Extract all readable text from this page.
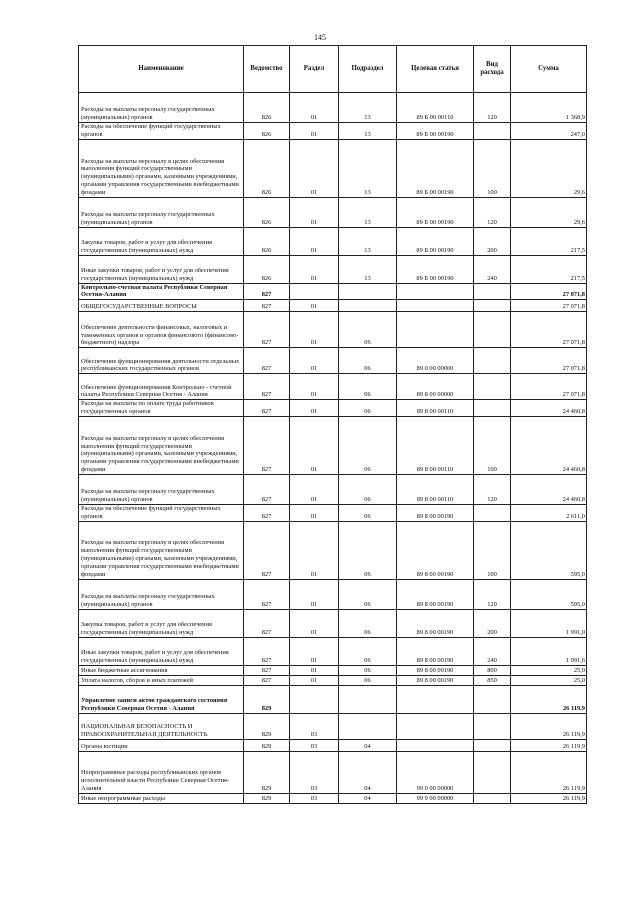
145
Наименование	Ведомство	Раздел	Подраздел	Целевая статья	Вид расхода	Сумма
Расходы на выплаты персоналу государственных (муниципальных) органов	826	01	13	89 Б 00 00110	120	1 368,9
Расходы на обеспечение функций государственных органов	826	01	13	89 Б 00 00190		247,0
Расходы на выплаты персоналу в целях обеспечения выполнения функций государственными (муниципальными) органами, казенными учреждениями, органами управления государственными внебюджетными фондами	826	01	13	89 Б 00 00190	100	29,6
Расходы на выплаты персоналу государственных (муниципальных) органов	826	01	13	89 Б 00 00190	120	29,6
Закупка товаров, работ и услуг для обеспечения государственных (муниципальных) нужд	826	01	13	89 Б 00 00190	200	217,5
Иные закупки товаров, работ и услуг для обеспечения государственных (муниципальных) нужд	826	01	13	89 Б 00 00190	240	217,5
Контрольно-счетная палата Республики Северная Осетия-Алания	827					27 071,8
ОБЩЕГОСУДАРСТВЕННЫЕ ВОПРОСЫ	827	01				27 071,8
Обеспечение деятельности финансовых, налоговых и таможенных органов и органов финансового (финансово-бюджетного) надзора	827	01	06			27 071,8
Обеспечение функционирования деятельности отдельных республиканских государственных органов	827	01	06	89 0 00 00000		27 071,8
Обеспечение функционирования Контрольно - счетной палаты Республики Северная Осетия - Алания	827	01	06	89 8 00 00000		27 071,8
Расходы на выплаты по оплате труда работников государственных органов	827	01	06	89 8 00 00110		24 460,8
Расходы на выплаты персоналу в целях обеспечения выполнения функций государственными (муниципальными) органами, казенными учреждениями, органами управления государственными внебюджетными фондами	827	01	06	89 8 00 00110	100	24 460,8
Расходы на выплаты персоналу государственных (муниципальных) органов	827	01	06	89 8 00 00110	120	24 460,8
Расходы на обеспечение функций государственных органов	827	01	06	89 8 00 00190		2 611,0
Расходы на выплаты персоналу в целях обеспечения выполнения функций государственными (муниципальными) органами, казенными учреждениями, органами управления государственными внебюджетными фондами	827	01	06	89 8 00 00190	100	595,0
Расходы на выплаты персоналу государственных (муниципальных) органов	827	01	06	89 8 00 00190	120	595,0
Закупка товаров, работ и услуг для обеспечения государственных (муниципальных) нужд	827	01	06	89 8 00 00190	200	1 991,0
Иные закупки товаров, работ и услуг для обеспечения государственных (муниципальных) нужд	827	01	06	89 8 00 00190	240	1 991,6
Иные бюджетные ассигнования	827	01	06	89 8 00 00190	800	25,0
Уплата налогов, сборов и иных платежей	827	01	06	89 8 00 00190	850	25,0
Управление записи актов гражданского состояния Республики Северная Осетия - Алания	829					26 119,9
НАЦИОНАЛЬНАЯ БЕЗОПАСНОСТЬ И ПРАВООХРАНИТЕЛЬНАЯ ДЕЯТЕЛЬНОСТЬ	829	03				26 119,9
Органы юстиции	829	03	04			26 119,9
Непрограммные расходы республиканских органов исполнительной власти Республики Северная Осетия-Алания	829	03	04	99 0 00 00000		26 119,9
Иные непрограммные расходы	829	03	04	99 9 00 00000		26 119,9
